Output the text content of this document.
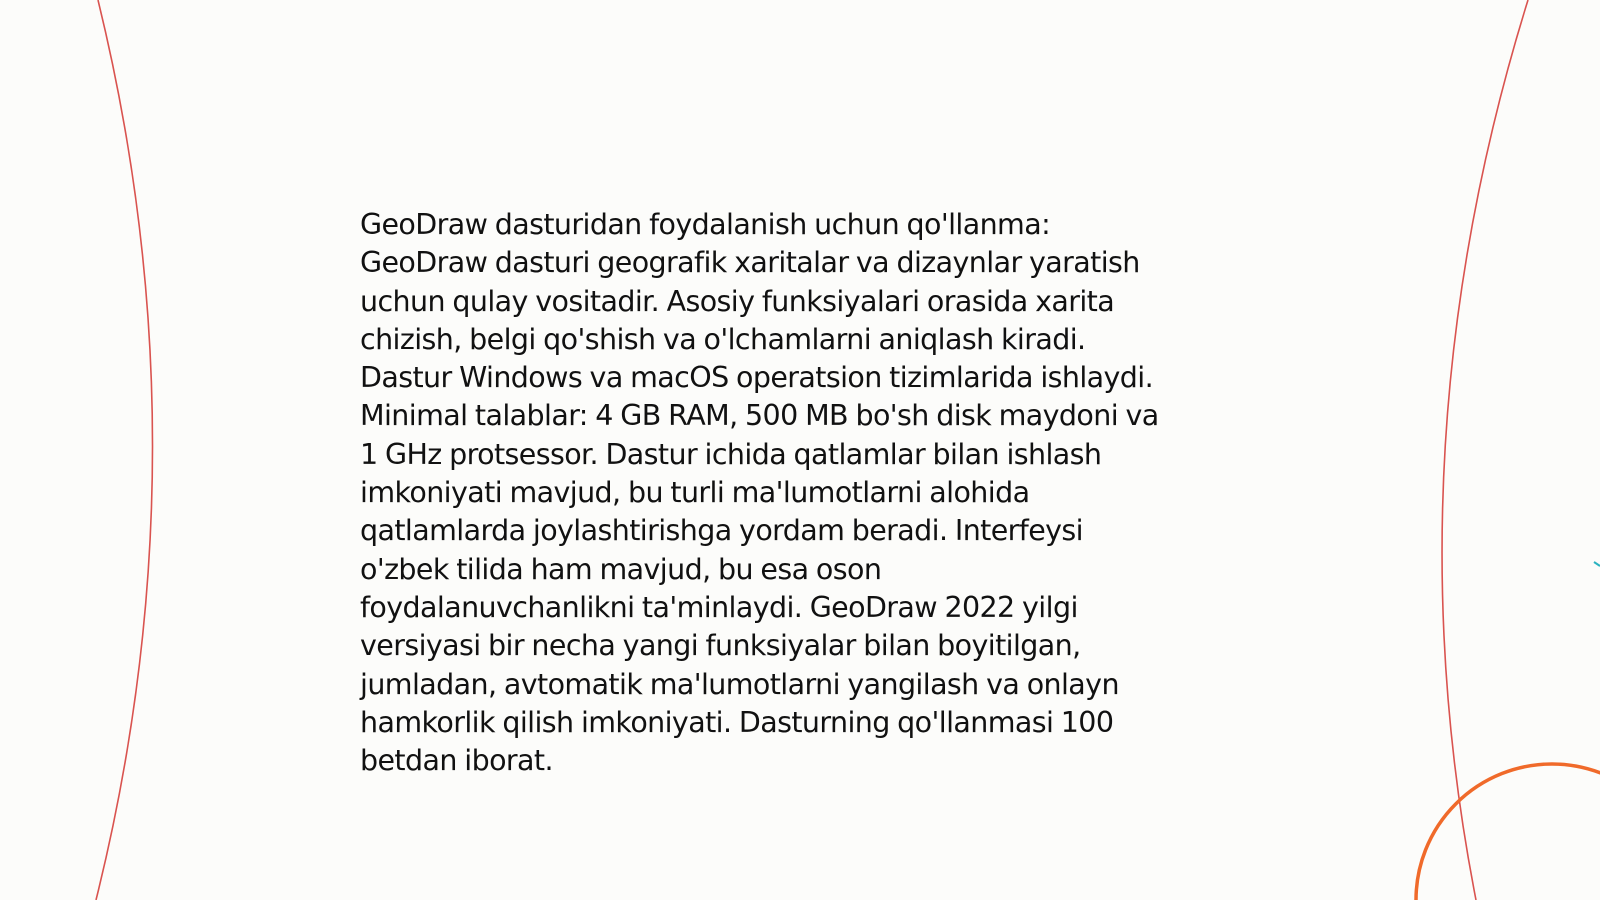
GeoDraw dasturidan foydalanish uchun qo'llanma:
GeoDraw dasturi geografik xaritalar va dizaynlar yaratish
uchun qulay vositadir. Asosiy funksiyalari orasida xarita
chizish, belgi qo'shish va o'lchamlarni aniqlash kiradi.
Dastur Windows va macOS operatsion tizimlarida ishlaydi.
Minimal talablar: 4 GB RAM, 500 MB bo'sh disk maydoni va
1 GHz protsessor. Dastur ichida qatlamlar bilan ishlash
imkoniyati mavjud, bu turli ma'lumotlarni alohida
qatlamlarda joylashtirishga yordam beradi. Interfeysi
o'zbek tilida ham mavjud, bu esa oson
foydalanuvchanlikni ta'minlaydi. GeoDraw 2022 yilgi
versiyasi bir necha yangi funksiyalar bilan boyitilgan,
jumladan, avtomatik ma'lumotlarni yangilash va onlayn
hamkorlik qilish imkoniyati. Dasturning qo'llanmasi 100
betdan iborat.
